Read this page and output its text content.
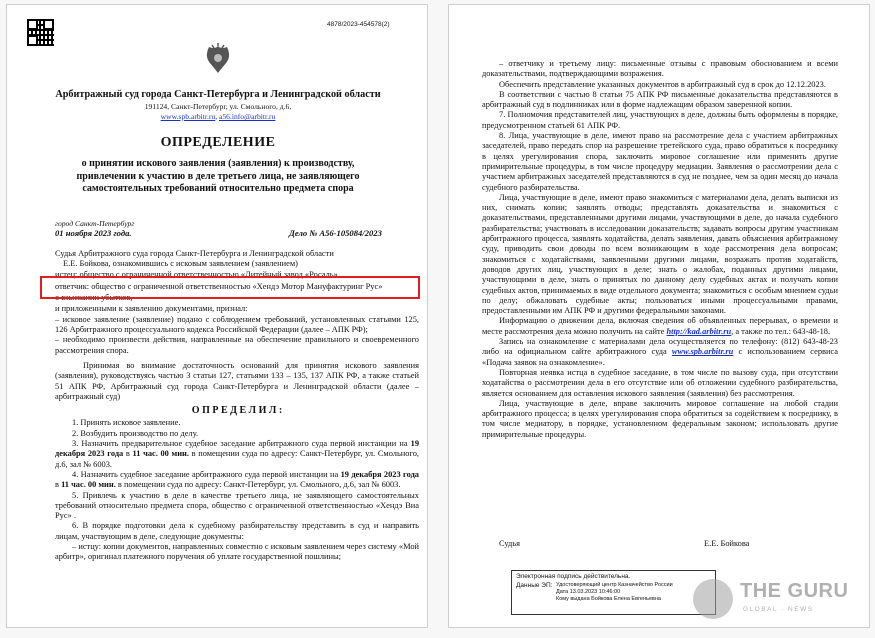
4878/2023-454578(2)
Арбитражный суд города Санкт-Петербурга и Ленинградской области
191124, Санкт-Петербург, ул. Смольного, д.6,
www.spb.arbitr.ru, a56.info@arbitr.ru
ОПРЕДЕЛЕНИЕ
о принятии искового заявления (заявления) к производству,
привлечении к участию в деле третьего лица, не заявляющего
самостоятельных требований относительно предмета спора
город Санкт-Петербург
01 ноября 2023 года.	Дело № А56-105084/2023

Судья Арбитражного суда города Санкт-Петербурга и Ленинградской области

Е.Е. Бойкова, ознакомившись с исковым заявлением (заявлением)

истец: общество с ограниченной ответственностью «Литейный завод «Росаль»

ответчик: общество с ограниченной ответственностью «Хендэ Мотор Мануфактуринг Рус»

о взыскании убытков,

и приложенными к заявлению документами, признал:

– исковое заявление (заявление) подано с соблюдением требований, установленных статьями 125, 126 Арбитражного процессуального кодекса Российской Федерации (далее – АПК РФ);

– необходимо произвести действия, направленные на обеспечение правильного и своевременного рассмотрения спора.

Принимая во внимание достаточность оснований для принятия искового заявления (заявления), руководствуясь частью 3 статьи 127, статьями 133 – 135, 137 АПК РФ, а также статьей 51 АПК РФ, Арбитражный суд города Санкт-Петербурга и Ленинградской области (далее – арбитражный суд)

О П Р Е Д Е Л И Л :

1. Принять исковое заявление.

2. Возбудить производство по делу.

3. Назначить предварительное судебное заседание арбитражного суда первой инстанции на 19 декабря 2023 года в 11 час. 00 мин. в помещении суда по адресу: Санкт-Петербург, ул. Смольного, д.6, зал № 6003.

4. Назначить судебное заседание арбитражного суда первой инстанции на 19 декабря 2023 года в 11 час. 00 мин. в помещении суда по адресу: Санкт-Петербург, ул. Смольного, д.6, зал № 6003.

5. Привлечь к участию в деле в качестве третьего лица, не заявляющего самостоятельных требований относительно предмета спора, общество с ограниченной ответственностью «Хендэ Виа Рус» .

6. В порядке подготовки дела к судебному разбирательству представить в суд и направить лицам, участвующим в деле, следующие документы:

– истцу: копии документов, направленных совместно с исковым заявлением через систему «Мой арбитр», оригинал платежного поручения об уплате государственной пошлины;

– ответчику и третьему лицу: письменные отзывы с правовым обоснованием и всеми доказательствами, подтверждающими возражения.

Обеспечить представление указанных документов в арбитражный суд в срок до 12.12.2023.

В соответствии с частью 8 статьи 75 АПК РФ письменные доказательства представляются в арбитражный суд в подлинниках или в форме надлежащим образом заверенной копии.

7. Полномочия представителей лиц, участвующих в деле, должны быть оформлены в порядке, предусмотренном статьей 61 АПК РФ.

8. Лица, участвующие в деле, имеют право на рассмотрение дела с участием арбитражных заседателей, право передать спор на разрешение третейского суда, право обратиться к посреднику в целях урегулирования спора, заключить мировое соглашение или применить другие примирительные процедуры, в том числе процедуру медиации. Заявления о рассмотрении дела с участием арбитражных заседателей представляются в суд не позднее, чем за один месяц до начала судебного разбирательства.

Лица, участвующие в деле, имеют право знакомиться с материалами дела, делать выписки из них, снимать копии; заявлять отводы; представлять доказательства и знакомиться с доказательствами, представленными другими лицами, участвующими в деле, до начала судебного разбирательства; участвовать в исследовании доказательств; задавать вопросы другим участникам арбитражного процесса, заявлять ходатайства, делать заявления, давать объяснения арбитражному суду, приводить свои доводы по всем возникающим в ходе рассмотрения дела вопросам; знакомиться с ходатайствами, заявленными другими лицами, возражать против ходатайств, доводов других лиц, участвующих в деле; знать о жалобах, поданных другими лицами, участвующими в деле, знать о принятых по данному делу судебных актах и получать копии судебных актов, принимаемых в виде отдельного документа; знакомиться с особым мнением судьи по делу; обжаловать судебные акты; пользоваться иными процессуальными правами, предоставленными им АПК РФ и другими федеральными законами.

Информацию о движении дела, включая сведения об объявленных перерывах, о времени и месте рассмотрения дела можно получить на сайте http://kad.arbitr.ru, а также по тел.: 643-48-18.

Запись на ознакомление с материалами дела осуществляется по телефону: (812) 643-48-23 либо на официальном сайте арбитражного суда www.spb.arbitr.ru с использованием сервиса «Подача заявок на ознакомление».

Повторная неявка истца в судебное заседание, в том числе по вызову суда, при отсутствии ходатайства о рассмотрении дела в его отсутствие или об отложении судебного разбирательства, является основанием для оставления искового заявления (заявления) без рассмотрения.

Лица, участвующие в деле, вправе заключить мировое соглашение на любой стадии арбитражного процесса; в целях урегулирования спора обратиться за содействием к посреднику, в том числе медиатору, в порядке, установленном федеральным законом; использовать другие примирительные процедуры.

Судья	Е.Е. Бойкова
Электронная подпись действительна.
Данные ЭП: Удостоверяющий центр Казначейство России
Дата 13.03.2023 10:46:00
Кому выдана Бойкова Елена Евгеньевна	THE GURU
GLOBAL · NEWS
